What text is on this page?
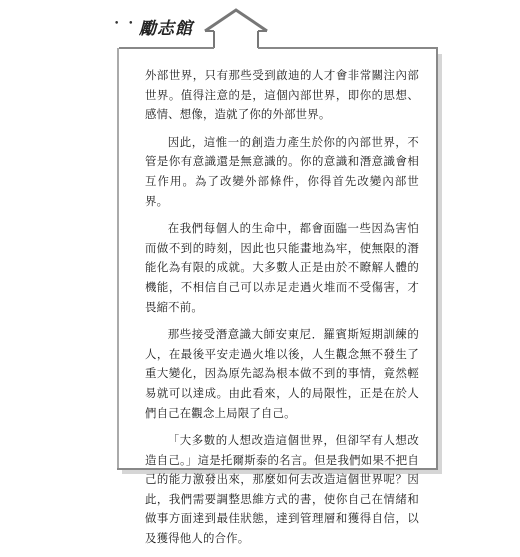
• • 勵志館

外部世界，只有那些受到啟迪的人才會非常關注內部世界。值得注意的是，這個內部世界，即你的思想、感情、想像，造就了你的外部世界。

因此，這惟一的創造力產生於你的內部世界，不管是你有意識還是無意識的。你的意識和潛意識會相互作用。為了改變外部條件，你得首先改變內部世界。

在我們每個人的生命中，都會面臨一些因為害怕而做不到的時刻，因此也只能畫地為牢，使無限的潛能化為有限的成就。大多數人正是由於不瞭解人體的機能，不相信自己可以赤足走過火堆而不受傷害，才畏縮不前。

那些接受潛意識大師安東尼．羅賓斯短期訓練的人，在最後平安走過火堆以後，人生觀念無不發生了重大變化，因為原先認為根本做不到的事情，竟然輕易就可以達成。由此看來，人的局限性，正是在於人們自己在觀念上局限了自己。

「大多數的人想改造這個世界，但卻罕有人想改造自己。」這是托爾斯泰的名言。但是我們如果不把自己的能力激發出來，那麼如何去改造這個世界呢？因此，我們需要調整思維方式的書，使你自己在情緒和做事方面達到最佳狀態，達到管理層和獲得自信，以及獲得他人的合作。
